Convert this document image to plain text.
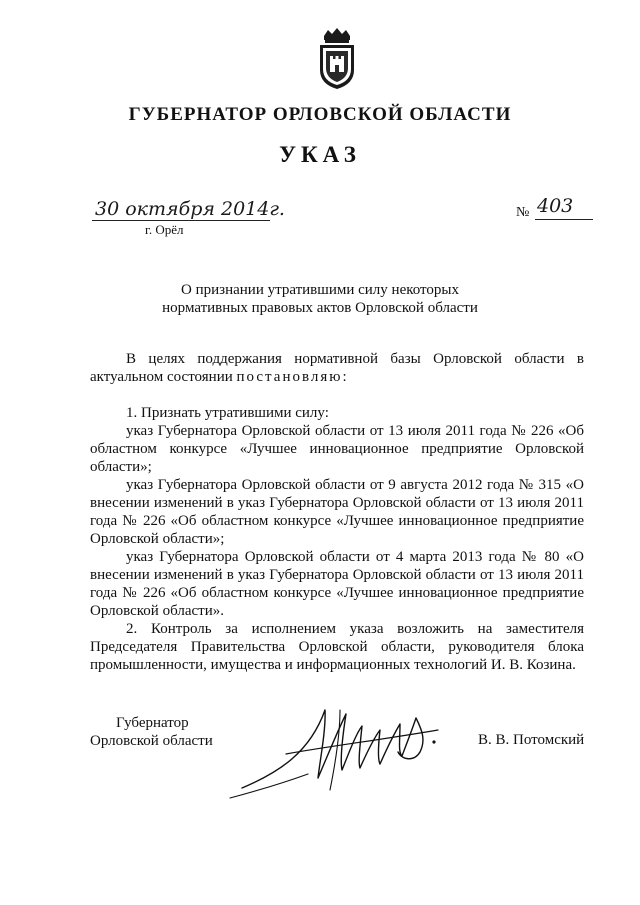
ГУБЕРНАТОР ОРЛОВСКОЙ ОБЛАСТИ
УКАЗ
30 октября 2014г.
г. Орёл
№ 403
О признании утратившими силу некоторых
нормативных правовых актов Орловской области

В целях поддержания нормативной базы Орловской области в актуальном состоянии постановляю:

1. Признать утратившими силу:

указ Губернатора Орловской области от 13 июля 2011 года № 226 «Об областном конкурсе «Лучшее инновационное предприятие Орловской области»;

указ Губернатора Орловской области от 9 августа 2012 года № 315 «О внесении изменений в указ Губернатора Орловской области от 13 июля 2011 года № 226 «Об областном конкурсе «Лучшее инновационное предприятие Орловской области»;

указ Губернатора Орловской области от 4 марта 2013 года № 80 «О внесении изменений в указ Губернатора Орловской области от 13 июля 2011 года № 226 «Об областном конкурсе «Лучшее инновационное предприятие Орловской области».

2. Контроль за исполнением указа возложить на заместителя Председателя Правительства Орловской области, руководителя блока промышленности, имущества и информационных технологий И. В. Козина.

Губернатор
Орловской области	В. В. Потомский
